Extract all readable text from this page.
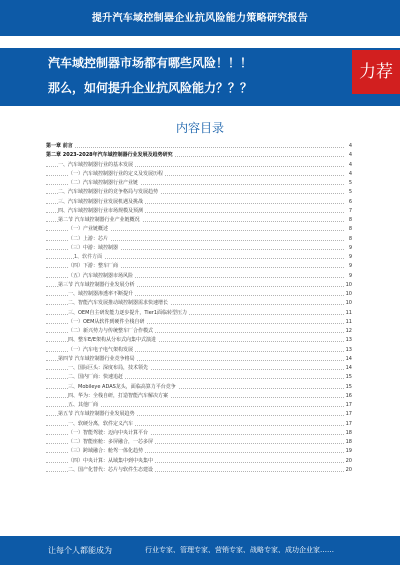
提升汽车域控制器企业抗风险能力策略研究报告
汽车域控制器市场都有哪些风险！！！
那么，如何提升企业抗风险能力？？？
力荐
内容目录
第一章 前言	4
第二章 2023-2028年汽车域控制器行业发展及趋势研究	4
一、汽车域控制器行业的基本发展	4
（一）汽车域控制器行业的定义及发展历程	4
（二）汽车域控制器行业产业链	5
二、汽车域控制器行业的竞争格局与发展趋势	5
三、汽车域控制器行业发展机遇及挑战	6
四、汽车域控制器行业市场规模及预测	7
第二节 汽车域控制器行业产业链概况	8
（一）产业链概述	8
（二）上游：芯片	8
（三）中游：域控制器	9
1、软件方面	9
（四）下游：整车厂商	9
（五）汽车域控制器市场风险	9
第三节 汽车域控制器行业发展分析	10
一、域控制器渗透率不断提升	10
二、智能汽车发展推动域控制器需求快速增长	10
三、OEM自主研发能力逐步提升，Tier1面临转型压力	11
（一）OEM从软件到硬件全栈自研	11
（二）新兴势力与传统整车厂合作模式	12
四、整车E/E架构从分布式向集中式演进	13
（一）汽车电子电气架构发展	13
第四节 汽车域控制器行业竞争格局	14
一、国际巨头：深度布局，技术领先	14
二、国内厂商：快速追赶	15
三、Mobileye ADAS龙头，面临高算力平台竞争	15
四、华为：全栈自研，打造智能汽车解决方案	16
五、其他厂商	17
第五节 汽车域控制器行业发展趋势	17
一、软硬分离，软件定义汽车	17
（一）智能驾驶：迈向中央计算平台	18
（二）智能座舱：多屏融合，一芯多屏	18
（三）跨域融合：舱驾一体化趋势	19
（四）中央计算：从域集中到中央集中	20
二、国产化替代：芯片与软件生态建设	20
让每个人都能成为	行业专家、管理专家、营销专家、战略专家、成功企业家……
